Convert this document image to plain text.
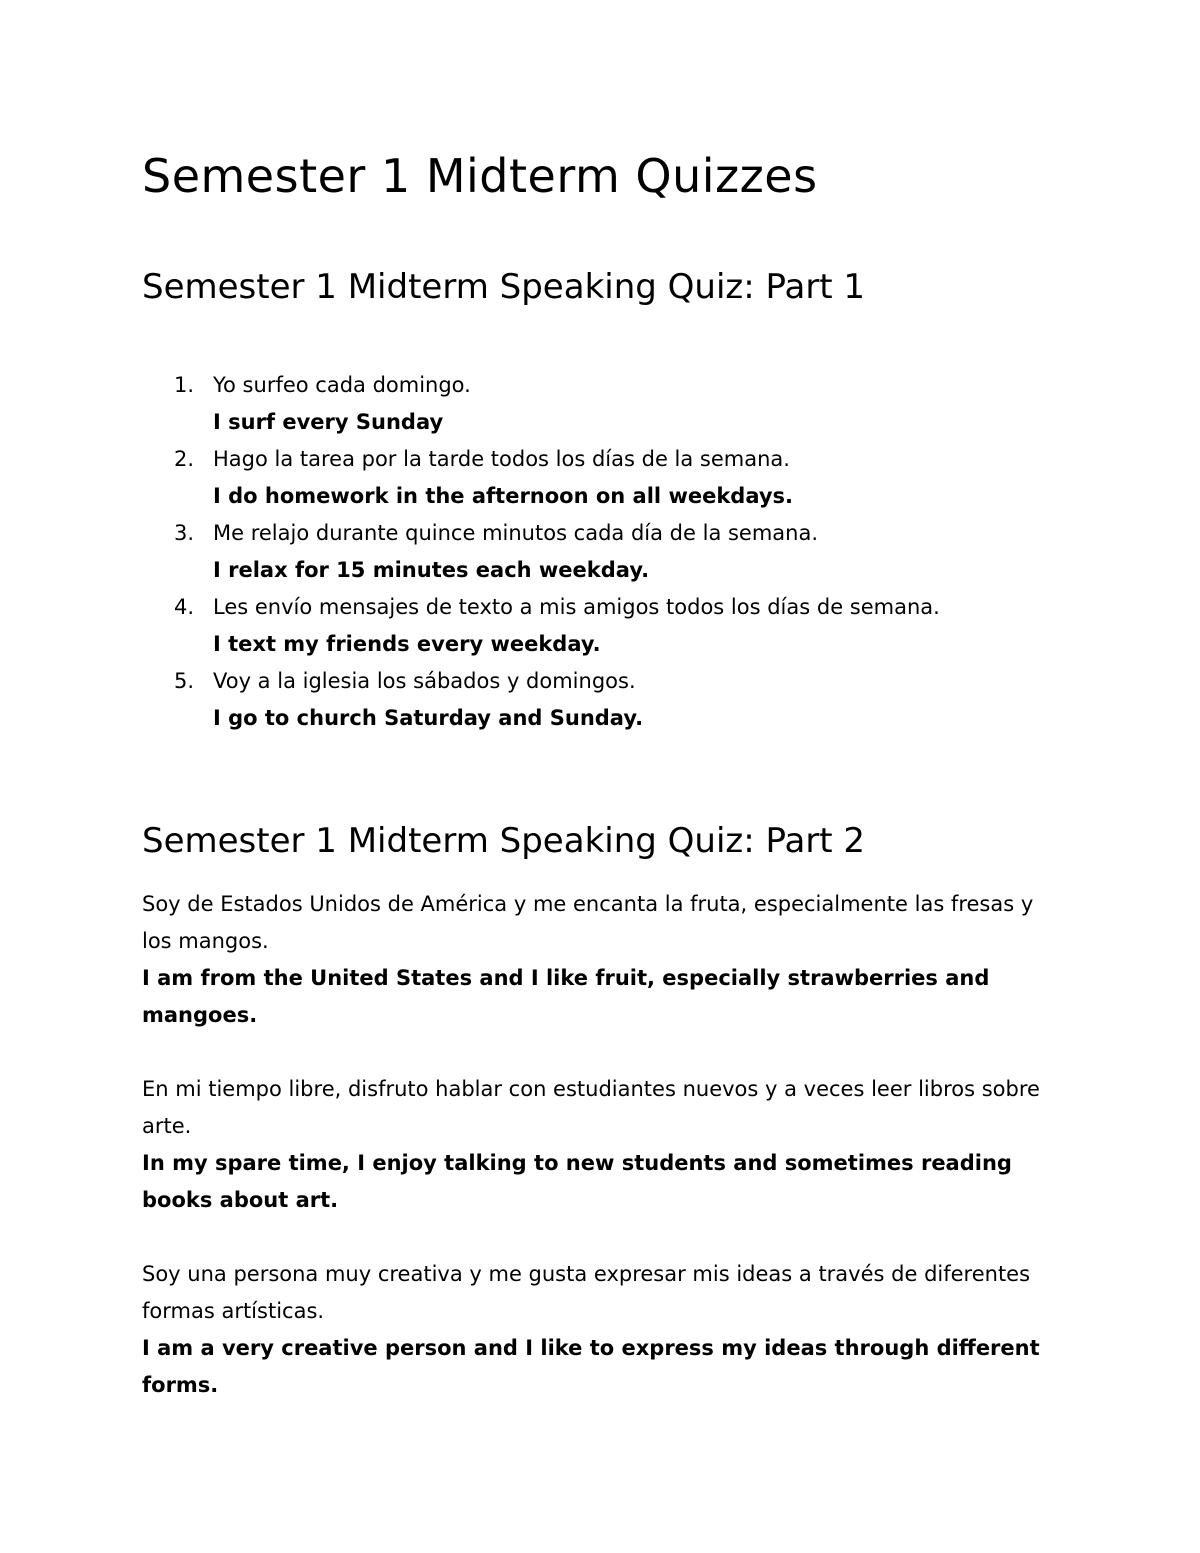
Semester 1 Midterm Quizzes
Semester 1 Midterm Speaking Quiz: Part 1
1. Yo surfeo cada domingo.
I surf every Sunday
2. Hago la tarea por la tarde todos los días de la semana.
I do homework in the afternoon on all weekdays.
3. Me relajo durante quince minutos cada día de la semana.
I relax for 15 minutes each weekday.
4. Les envío mensajes de texto a mis amigos todos los días de semana.
I text my friends every weekday.
5. Voy a la iglesia los sábados y domingos.
I go to church Saturday and Sunday.
Semester 1 Midterm Speaking Quiz: Part 2

Soy de Estados Unidos de América y me encanta la fruta, especialmente las fresas y los mangos.
I am from the United States and I like fruit, especially strawberries and mangoes.

En mi tiempo libre, disfruto hablar con estudiantes nuevos y a veces leer libros sobre arte.
In my spare time, I enjoy talking to new students and sometimes reading books about art.

Soy una persona muy creativa y me gusta expresar mis ideas a través de diferentes formas artísticas.
I am a very creative person and I like to express my ideas through different forms.
